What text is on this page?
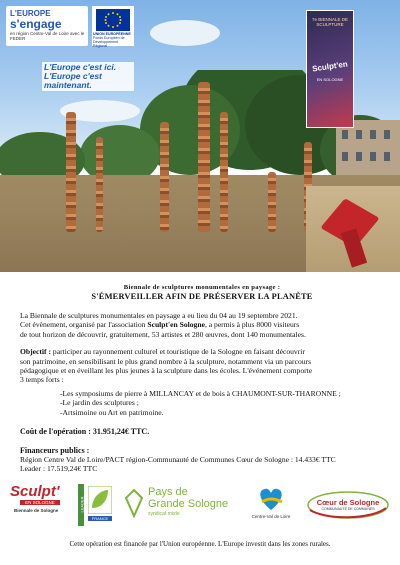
L'EUROPE
s'engage
en région Centre-Val de Loire avec le FEDER
UNION EUROPÉENNE
Fonds Européen de Développement Régional
L'Europe c'est ici.
L'Europe c'est maintenant.
7e BIENNALE DE SCULPTURE
Sculpt'en
EN SOLOGNE
Biennale de sculptures monumentales en paysage :
S'ÉMERVEILLER AFIN DE PRÉSERVER LA PLANÈTE

La Biennale de sculptures monumentales en paysage a eu lieu du 04 au 19 septembre 2021.

Cet évènement, organisé par l'association Sculpt'en Sologne, a permis à plus 8000 visiteurs

de tout horizon de découvrir, gratuitement, 53 artistes et 280 œuvres, dont 140 monumentales.

Objectif : participer au rayonnement culturel et touristique de la Sologne en faisant découvrir

son patrimoine, en sensibilisant le plus grand nombre à la sculpture, notamment via un parcours

pédagogique et en éveillant les plus jeunes à la sculpture dans les écoles. L'événement comporte

3 temps forts :

-Les symposiums de pierre à MILLANCAY et de bois à CHAUMONT-SUR-THARONNE ;

-Le jardin des sculptures ;

-Artsimoine ou Art en patrimoine.

Coût de l'opération : 31.951,24€ TTC.
Financeurs publics :

Région Centre Val de Loire/PACT région-Communauté de Communes Cœur de Sologne : 14.433€ TTC

Leader : 17.519,24€ TTC

Sculpt'
EN SOLOGNE
Biennale de Sologne	LEADER
FRANCE
Pays de
Grande Sologne
syndicat mixte	Centre-Val de Loire
Cœur de Sologne
COMMUNAUTÉ DE COMMUNES
Cette opération est financée par l'Union européenne. L'Europe investit dans les zones rurales.
